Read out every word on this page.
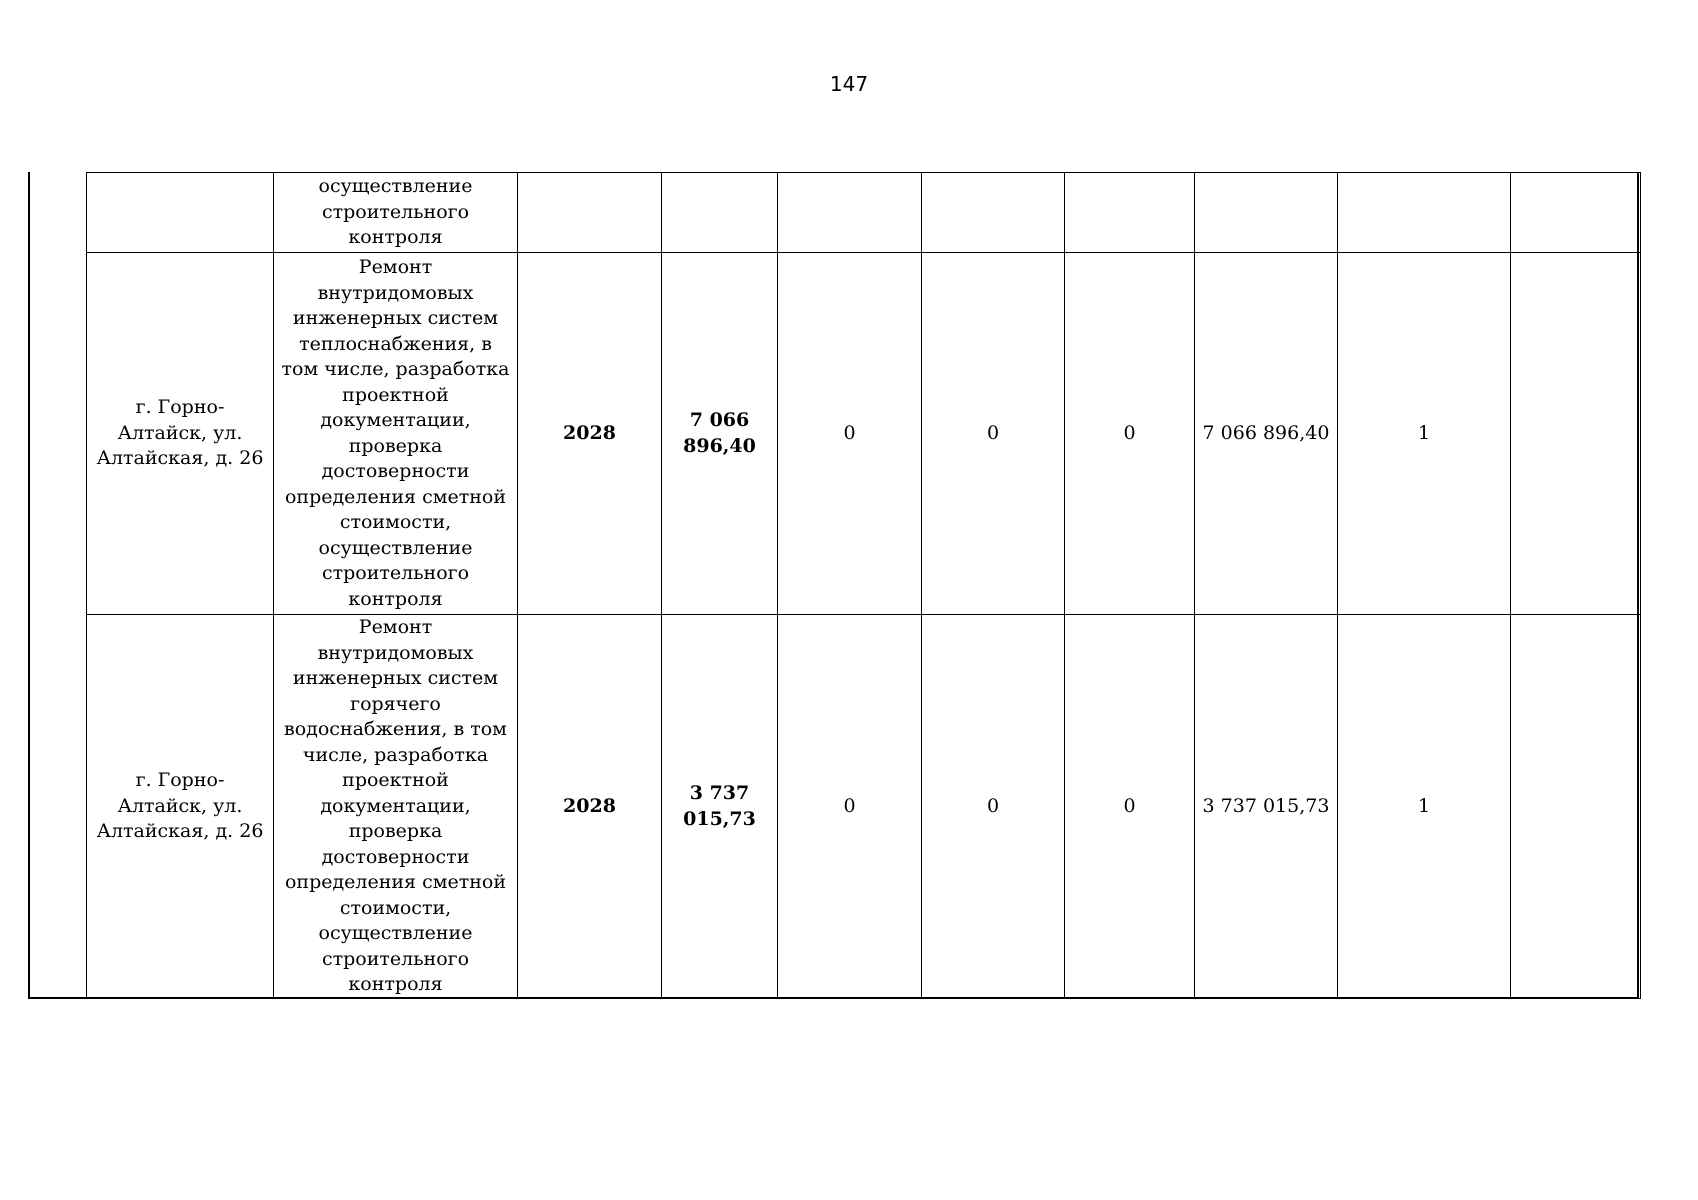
147
	осуществление строительного контроля								
г. Горно-Алтайск, ул. Алтайская, д. 26	Ремонт внутридомовых инженерных систем теплоснабжения, в том числе, разработка проектной документации, проверка достоверности определения сметной стоимости, осуществление строительного контроля	2028	7 066 896,40	0	0	0	7 066 896,40	1	
г. Горно-Алтайск, ул. Алтайская, д. 26	Ремонт внутридомовых инженерных систем горячего водоснабжения, в том числе, разработка проектной документации, проверка достоверности определения сметной стоимости, осуществление строительного контроля	2028	3 737 015,73	0	0	0	3 737 015,73	1	
